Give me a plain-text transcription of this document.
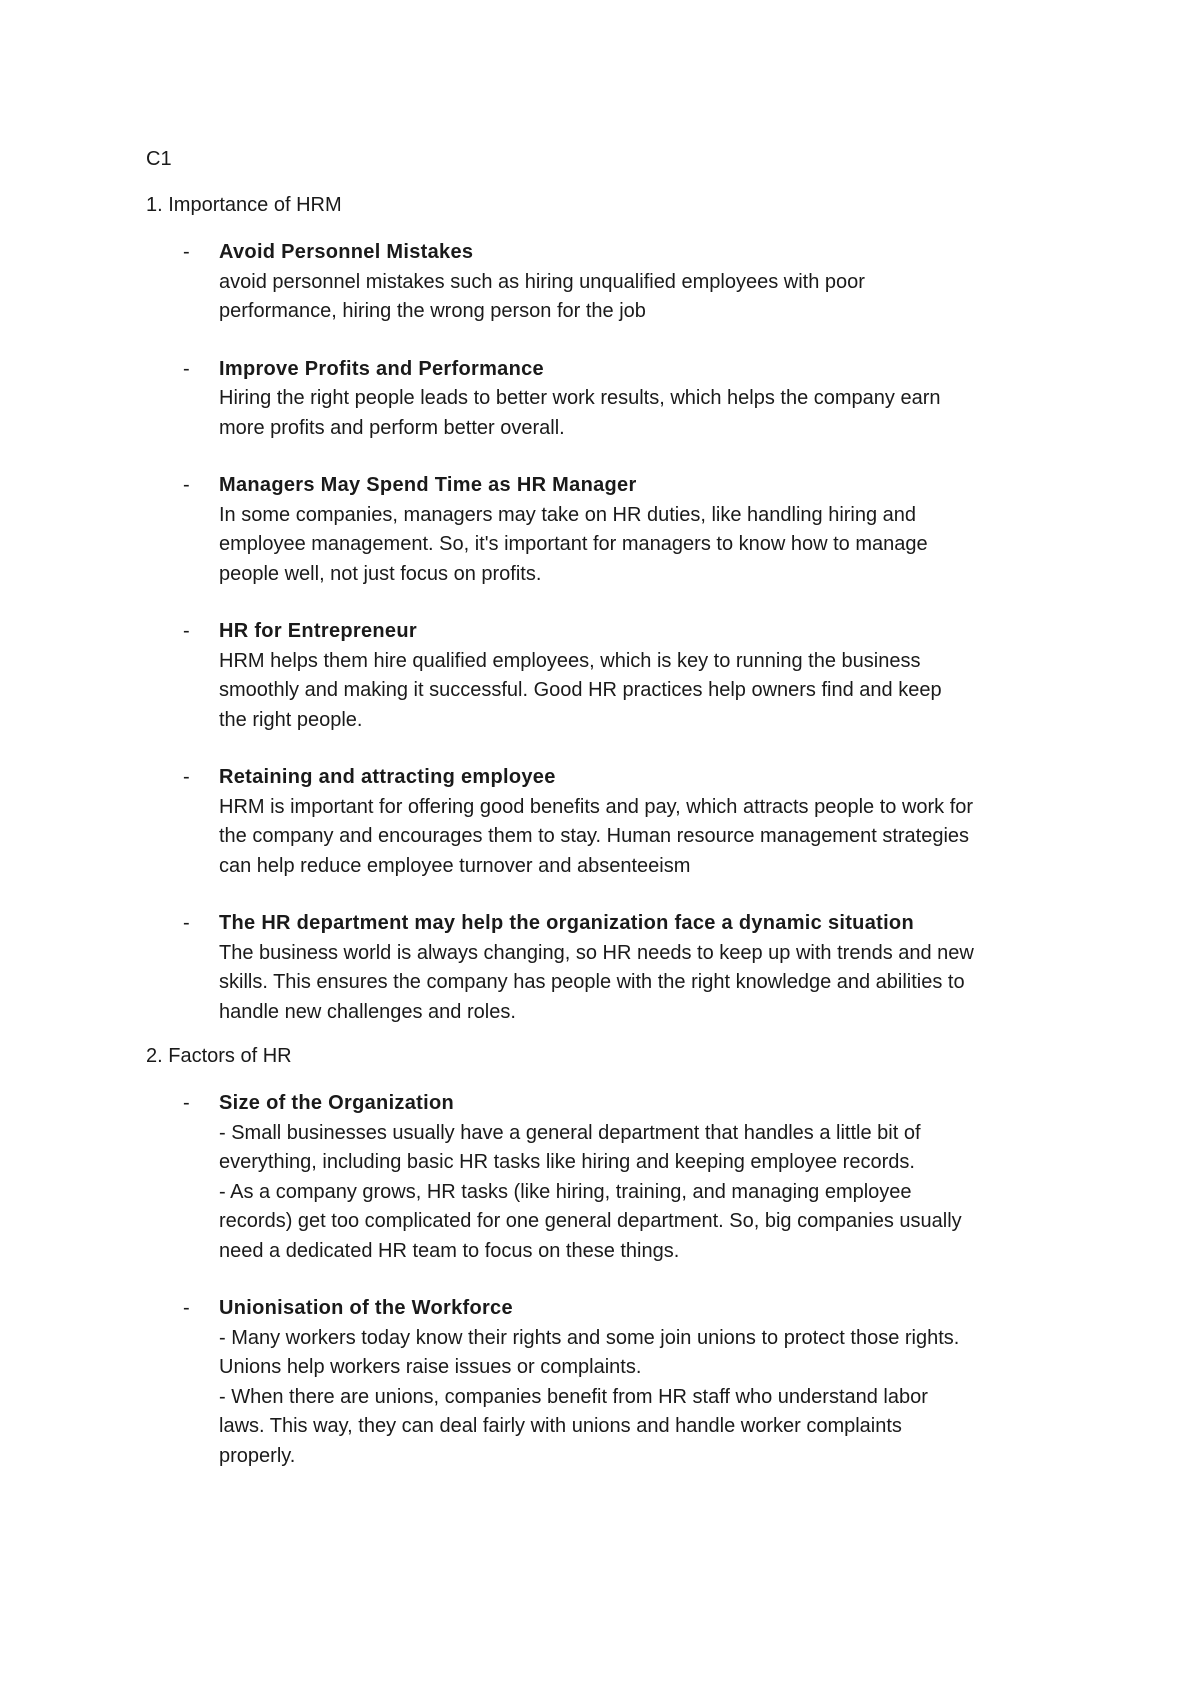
C1
1. Importance of HRM
- Avoid Personnel Mistakes
avoid personnel mistakes such as hiring unqualified employees with poor
performance, hiring the wrong person for the job
- Improve Profits and Performance
Hiring the right people leads to better work results, which helps the company earn
more profits and perform better overall.
- Managers May Spend Time as HR Manager
In some companies, managers may take on HR duties, like handling hiring and
employee management. So, it's important for managers to know how to manage
people well, not just focus on profits.
- HR for Entrepreneur
HRM helps them hire qualified employees, which is key to running the business
smoothly and making it successful. Good HR practices help owners find and keep
the right people.
- Retaining and attracting employee
HRM is important for offering good benefits and pay, which attracts people to work for
the company and encourages them to stay. Human resource management strategies
can help reduce employee turnover and absenteeism
- The HR department may help the organization face a dynamic situation
The business world is always changing, so HR needs to keep up with trends and new
skills. This ensures the company has people with the right knowledge and abilities to
handle new challenges and roles.
2. Factors of HR
- Size of the Organization
- Small businesses usually have a general department that handles a little bit of
everything, including basic HR tasks like hiring and keeping employee records.
- As a company grows, HR tasks (like hiring, training, and managing employee
records) get too complicated for one general department. So, big companies usually
need a dedicated HR team to focus on these things.
- Unionisation of the Workforce
- Many workers today know their rights and some join unions to protect those rights.
Unions help workers raise issues or complaints.
- When there are unions, companies benefit from HR staff who understand labor
laws. This way, they can deal fairly with unions and handle worker complaints
properly.
